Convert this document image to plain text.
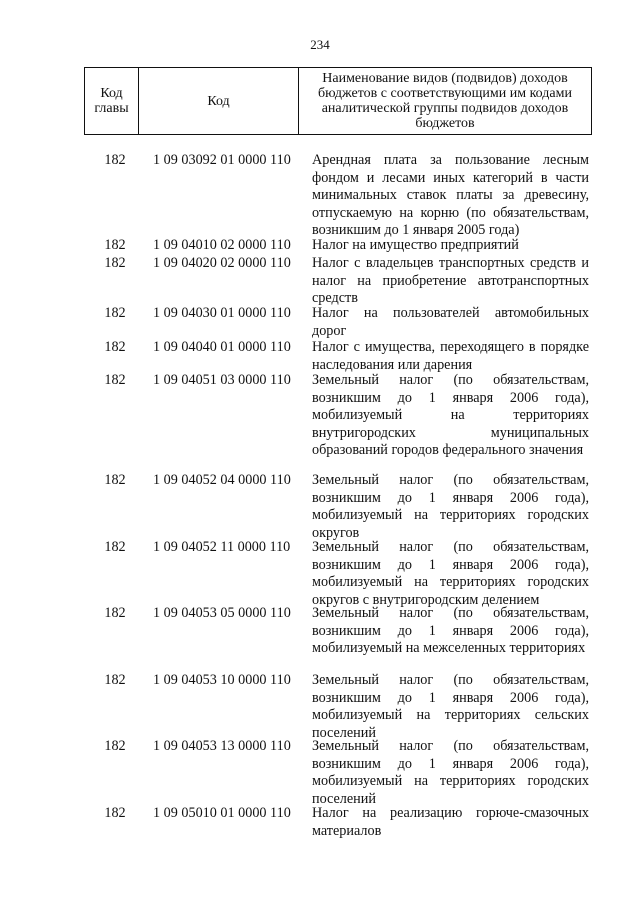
234
Код
главы	Код
Наименование видов (подвидов) доходов бюджетов с соответствующими им кодами аналитической группы подвидов доходов бюджетов
182	1 09 03092 01 0000 110	Арендная плата за пользование лесным фондом и лесами иных категорий в части минимальных ставок платы за древесину, отпускаемую на корню (по обязательствам, возникшим до 1 января 2005 года)
182	1 09 04010 02 0000 110	Налог на имущество предприятий
182	1 09 04020 02 0000 110	Налог с владельцев транспортных средств и налог на приобретение автотранспортных средств
182	1 09 04030 01 0000 110	Налог на пользователей автомобильных дорог
182	1 09 04040 01 0000 110	Налог с имущества, переходящего в порядке наследования или дарения
182	1 09 04051 03 0000 110	Земельный налог (по обязательствам, возникшим до 1 января 2006 года), мобилизуемый на территориях внутригородских муниципальных образований городов федерального значения
182	1 09 04052 04 0000 110	Земельный налог (по обязательствам, возникшим до 1 января 2006 года), мобилизуемый на территориях городских округов
182	1 09 04052 11 0000 110	Земельный налог (по обязательствам, возникшим до 1 января 2006 года), мобилизуемый на территориях городских округов с внутригородским делением
182	1 09 04053 05 0000 110	Земельный налог (по обязательствам, возникшим до 1 января 2006 года), мобилизуемый на межселенных территориях
182	1 09 04053 10 0000 110	Земельный налог (по обязательствам, возникшим до 1 января 2006 года), мобилизуемый на территориях сельских поселений
182	1 09 04053 13 0000 110	Земельный налог (по обязательствам, возникшим до 1 января 2006 года), мобилизуемый на территориях городских поселений
182	1 09 05010 01 0000 110	Налог на реализацию горюче-смазочных материалов
